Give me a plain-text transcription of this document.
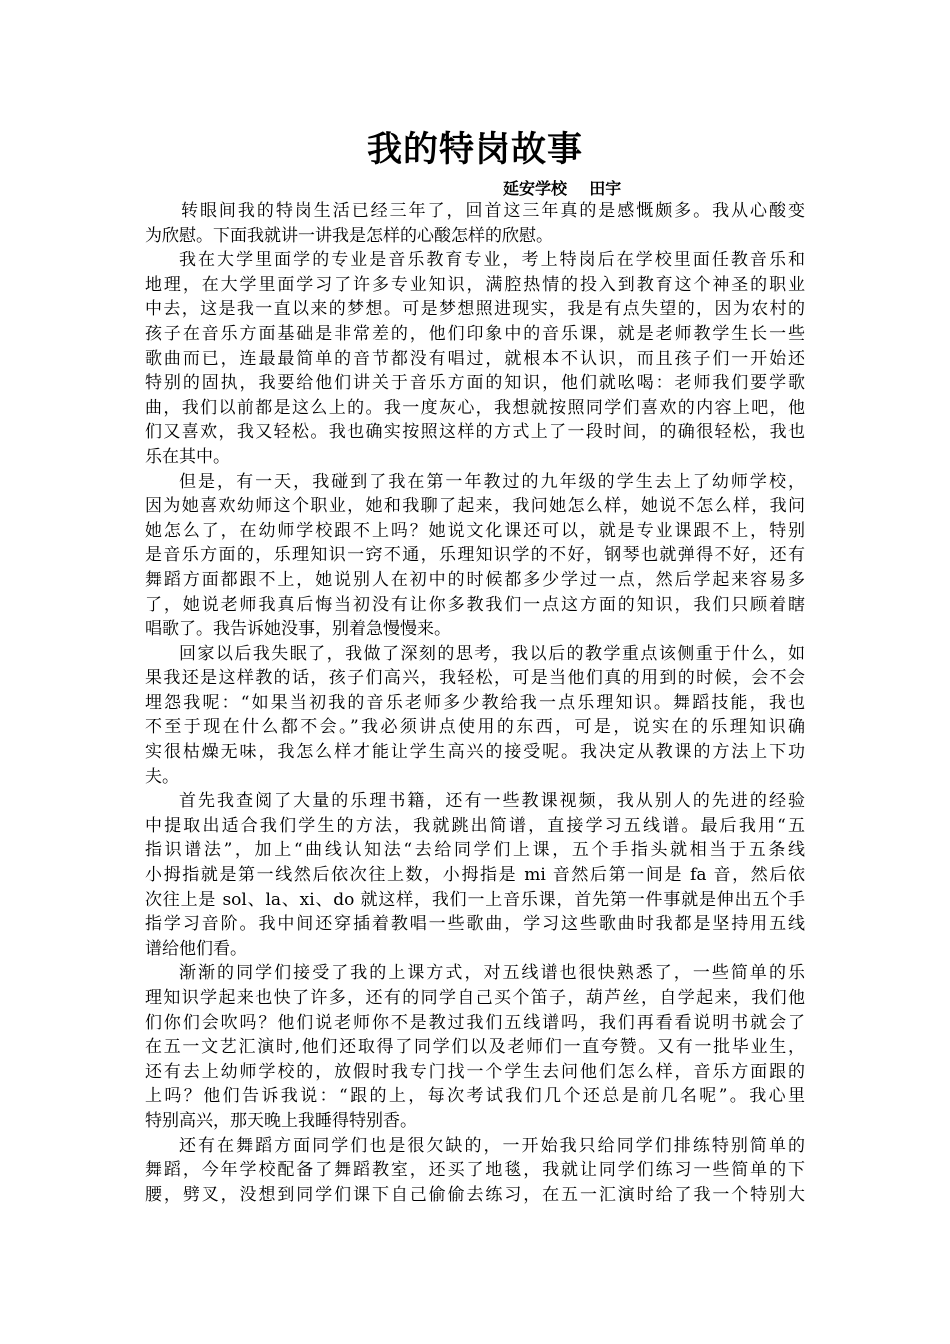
我的特岗故事
延安学校    田宇
转眼间我的特岗生活已经三年了，回首这三年真的是感慨颇多。我从心酸变
为欣慰。下面我就讲一讲我是怎样的心酸怎样的欣慰。
我在大学里面学的专业是音乐教育专业，考上特岗后在学校里面任教音乐和
地理，在大学里面学习了许多专业知识，满腔热情的投入到教育这个神圣的职业
中去，这是我一直以来的梦想。可是梦想照进现实，我是有点失望的，因为农村的
孩子在音乐方面基础是非常差的，他们印象中的音乐课，就是老师教学生长一些
歌曲而已，连最最简单的音节都没有唱过，就根本不认识，而且孩子们一开始还
特别的固执，我要给他们讲关于音乐方面的知识，他们就吆喝：老师我们要学歌
曲，我们以前都是这么上的。我一度灰心，我想就按照同学们喜欢的内容上吧，他
们又喜欢，我又轻松。我也确实按照这样的方式上了一段时间，的确很轻松，我也
乐在其中。
但是，有一天，我碰到了我在第一年教过的九年级的学生去上了幼师学校，
因为她喜欢幼师这个职业，她和我聊了起来，我问她怎么样，她说不怎么样，我问
她怎么了，在幼师学校跟不上吗？她说文化课还可以，就是专业课跟不上，特别
是音乐方面的，乐理知识一窍不通，乐理知识学的不好，钢琴也就弹得不好，还有
舞蹈方面都跟不上，她说别人在初中的时候都多少学过一点，然后学起来容易多
了，她说老师我真后悔当初没有让你多教我们一点这方面的知识，我们只顾着瞎
唱歌了。我告诉她没事，别着急慢慢来。
回家以后我失眠了，我做了深刻的思考，我以后的教学重点该侧重于什么，如
果我还是这样教的话，孩子们高兴，我轻松，可是当他们真的用到的时候，会不会
埋怨我呢：“如果当初我的音乐老师多少教给我一点乐理知识。舞蹈技能，我也
不至于现在什么都不会。”我必须讲点使用的东西，可是，说实在的乐理知识确
实很枯燥无味，我怎么样才能让学生高兴的接受呢。我决定从教课的方法上下功
夫。
首先我查阅了大量的乐理书籍，还有一些教课视频，我从别人的先进的经验
中提取出适合我们学生的方法，我就跳出简谱，直接学习五线谱。最后我用“五
指识谱法”，加上“曲线认知法“去给同学们上课，五个手指头就相当于五条线
小拇指就是第一线然后依次往上数，小拇指是 mi 音然后第一间是 fa 音，然后依
次往上是 sol、la、xi、do 就这样，我们一上音乐课，首先第一件事就是伸出五个手
指学习音阶。我中间还穿插着教唱一些歌曲，学习这些歌曲时我都是坚持用五线
谱给他们看。
渐渐的同学们接受了我的上课方式，对五线谱也很快熟悉了，一些简单的乐
理知识学起来也快了许多，还有的同学自己买个笛子，葫芦丝，自学起来，我们他
们你们会吹吗？他们说老师你不是教过我们五线谱吗，我们再看看说明书就会了
在五一文艺汇演时,他们还取得了同学们以及老师们一直夸赞。又有一批毕业生，
还有去上幼师学校的，放假时我专门找一个学生去问他们怎么样，音乐方面跟的
上吗？他们告诉我说：“跟的上，每次考试我们几个还总是前几名呢”。我心里
特别高兴，那天晚上我睡得特别香。
还有在舞蹈方面同学们也是很欠缺的，一开始我只给同学们排练特别简单的
舞蹈，今年学校配备了舞蹈教室，还买了地毯，我就让同学们练习一些简单的下
腰，劈叉，没想到同学们课下自己偷偷去练习，在五一汇演时给了我一个特别大
